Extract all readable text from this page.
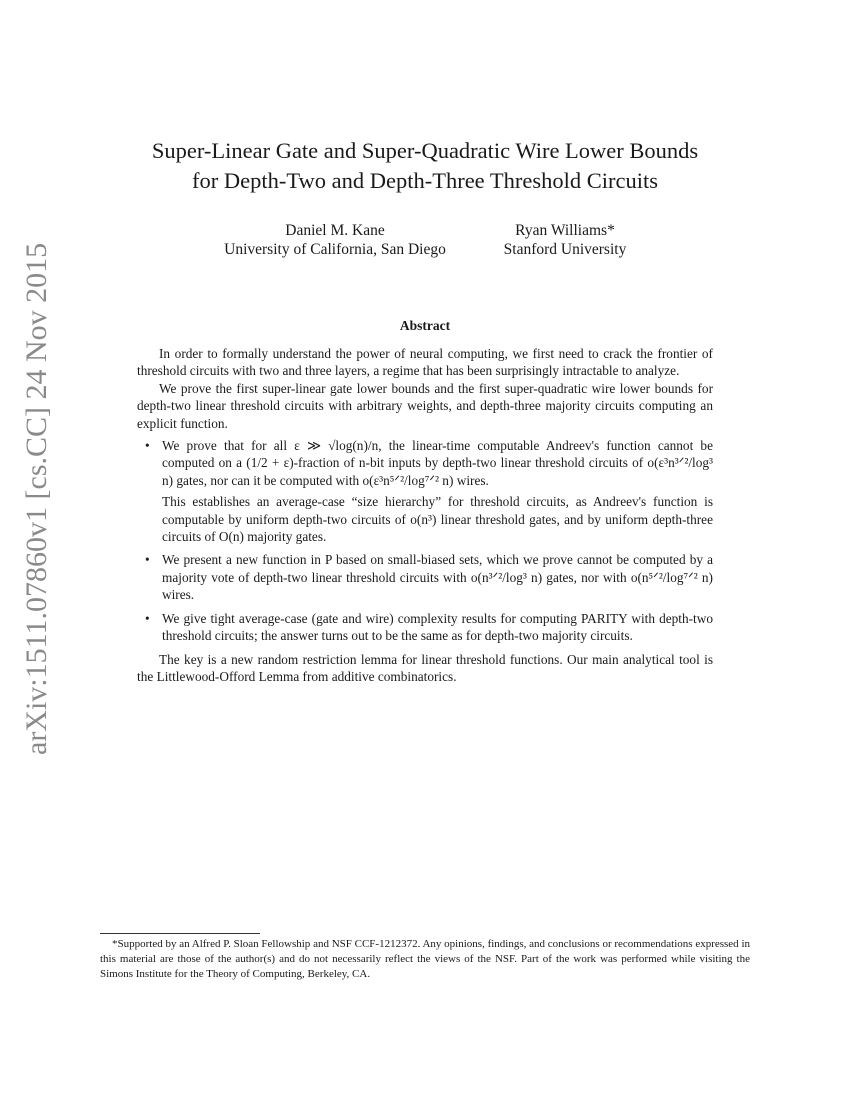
arXiv:1511.07860v1 [cs.CC] 24 Nov 2015
Super-Linear Gate and Super-Quadratic Wire Lower Bounds
for Depth-Two and Depth-Three Threshold Circuits
Daniel M. Kane
University of California, San Diego
Ryan Williams*
Stanford University
Abstract

In order to formally understand the power of neural computing, we first need to crack the frontier of threshold circuits with two and three layers, a regime that has been surprisingly intractable to analyze.

We prove the first super-linear gate lower bounds and the first super-quadratic wire lower bounds for depth-two linear threshold circuits with arbitrary weights, and depth-three majority circuits computing an explicit function.

• We prove that for all ε ≫ √log(n)/n, the linear-time computable Andreev's function cannot be computed on a (1/2 + ε)-fraction of n-bit inputs by depth-two linear threshold circuits of o(ε³n³ᐟ²/log³ n) gates, nor can it be computed with o(ε³n⁵ᐟ²/log⁷ᐟ² n) wires.

This establishes an average-case “size hierarchy” for threshold circuits, as Andreev's function is computable by uniform depth-two circuits of o(n³) linear threshold gates, and by uniform depth-three circuits of O(n) majority gates.

• We present a new function in P based on small-biased sets, which we prove cannot be computed by a majority vote of depth-two linear threshold circuits with o(n³ᐟ²/log³ n) gates, nor with o(n⁵ᐟ²/log⁷ᐟ² n) wires.
• We give tight average-case (gate and wire) complexity results for computing PARITY with depth-two threshold circuits; the answer turns out to be the same as for depth-two majority circuits.

The key is a new random restriction lemma for linear threshold functions. Our main analytical tool is the Littlewood-Offord Lemma from additive combinatorics.

*Supported by an Alfred P. Sloan Fellowship and NSF CCF-1212372. Any opinions, findings, and conclusions or recommendations expressed in this material are those of the author(s) and do not necessarily reflect the views of the NSF. Part of the work was performed while visiting the Simons Institute for the Theory of Computing, Berkeley, CA.
